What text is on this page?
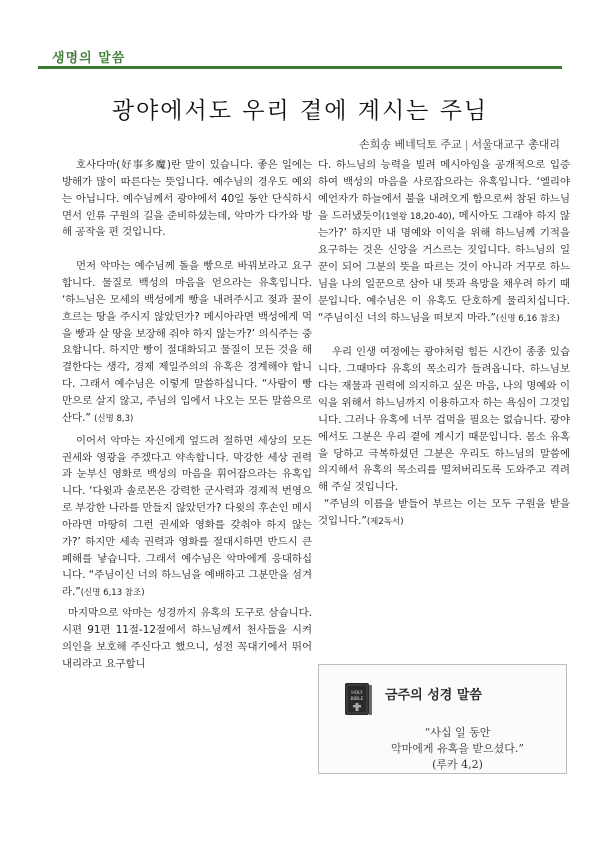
생명의 말씀
광야에서도 우리 곁에 계시는 주님
손희송 베네딕토 주교 | 서울대교구 총대리

호사다마(好事多魔)란 말이 있습니다. 좋은 일에는 방해가 많이 따른다는 뜻입니다. 예수님의 경우도 예외는 아닙니다. 예수님께서 광야에서 40일 동안 단식하시면서 인류 구원의 길을 준비하셨는데, 악마가 다가와 방해 공작을 편 것입니다.

먼저 악마는 예수님께 돌을 빵으로 바꿔보라고 요구합니다. 물질로 백성의 마음을 얻으라는 유혹입니다. ‘하느님은 모세의 백성에게 빵을 내려주시고 젖과 꿀이 흐르는 땅을 주시지 않았던가? 메시아라면 백성에게 먹을 빵과 살 땅을 보장해 줘야 하지 않는가?’ 의식주는 중요합니다. 하지만 빵이 절대화되고 물질이 모든 것을 해결한다는 생각, 경제 제일주의의 유혹은 경계해야 합니다. 그래서 예수님은 이렇게 말씀하십니다. “사람이 빵만으로 살지 않고, 주님의 입에서 나오는 모든 말씀으로 산다.” (신명 8,3)

이어서 악마는 자신에게 엎드려 절하면 세상의 모든 권세와 영광을 주겠다고 약속합니다. 막강한 세상 권력과 눈부신 영화로 백성의 마음을 휘어잡으라는 유혹입니다. ‘다윗과 솔로몬은 강력한 군사력과 경제적 번영으로 부강한 나라를 만들지 않았던가? 다윗의 후손인 메시아라면 마땅히 그런 권세와 영화를 갖춰야 하지 않는가?’ 하지만 세속 권력과 영화를 절대시하면 반드시 큰 폐해를 낳습니다. 그래서 예수님은 악마에게 응대하십니다. “주님이신 너의 하느님을 예배하고 그분만을 섬겨라.”(신명 6,13 참조)

마지막으로 악마는 성경까지 유혹의 도구로 삼습니다. 시편 91편 11절-12절에서 하느님께서 천사들을 시켜 의인을 보호해 주신다고 했으니, 성전 꼭대기에서 뛰어내리라고 요구합니

다. 하느님의 능력을 빌려 메시아임을 공개적으로 입증하여 백성의 마음을 사로잡으라는 유혹입니다. ‘엘리야 예언자가 하늘에서 불을 내려오게 함으로써 참된 하느님을 드러냈듯이(1열왕 18,20-40), 메시아도 그래야 하지 않는가?’ 하지만 내 명예와 이익을 위해 하느님께 기적을 요구하는 것은 신앙을 거스르는 짓입니다. 하느님의 일꾼이 되어 그분의 뜻을 따르는 것이 아니라 거꾸로 하느님을 나의 일꾼으로 삼아 내 뜻과 욕망을 채우려 하기 때문입니다. 예수님은 이 유혹도 단호하게 물리치십니다. “주님이신 너의 하느님을 떠보지 마라.”(신명 6,16 참조)

우리 인생 여정에는 광야처럼 힘든 시간이 종종 있습니다. 그때마다 유혹의 목소리가 들려옵니다. 하느님보다는 재물과 권력에 의지하고 싶은 마음, 나의 명예와 이익을 위해서 하느님까지 이용하고자 하는 욕심이 그것입니다. 그러나 유혹에 너무 겁먹을 필요는 없습니다. 광야에서도 그분은 우리 곁에 계시기 때문입니다. 몸소 유혹을 당하고 극복하셨던 그분은 우리도 하느님의 말씀에 의지해서 유혹의 목소리를 떨쳐버리도록 도와주고 격려해 주실 것입니다.

“주님의 이름을 받들어 부르는 이는 모두 구원을 받을 것입니다.”(제2독서)

HOLY
BIBLE 금주의 성경 말씀
“사십 일 동안
악마에게 유혹을 받으셨다.”
(루카 4,2)
